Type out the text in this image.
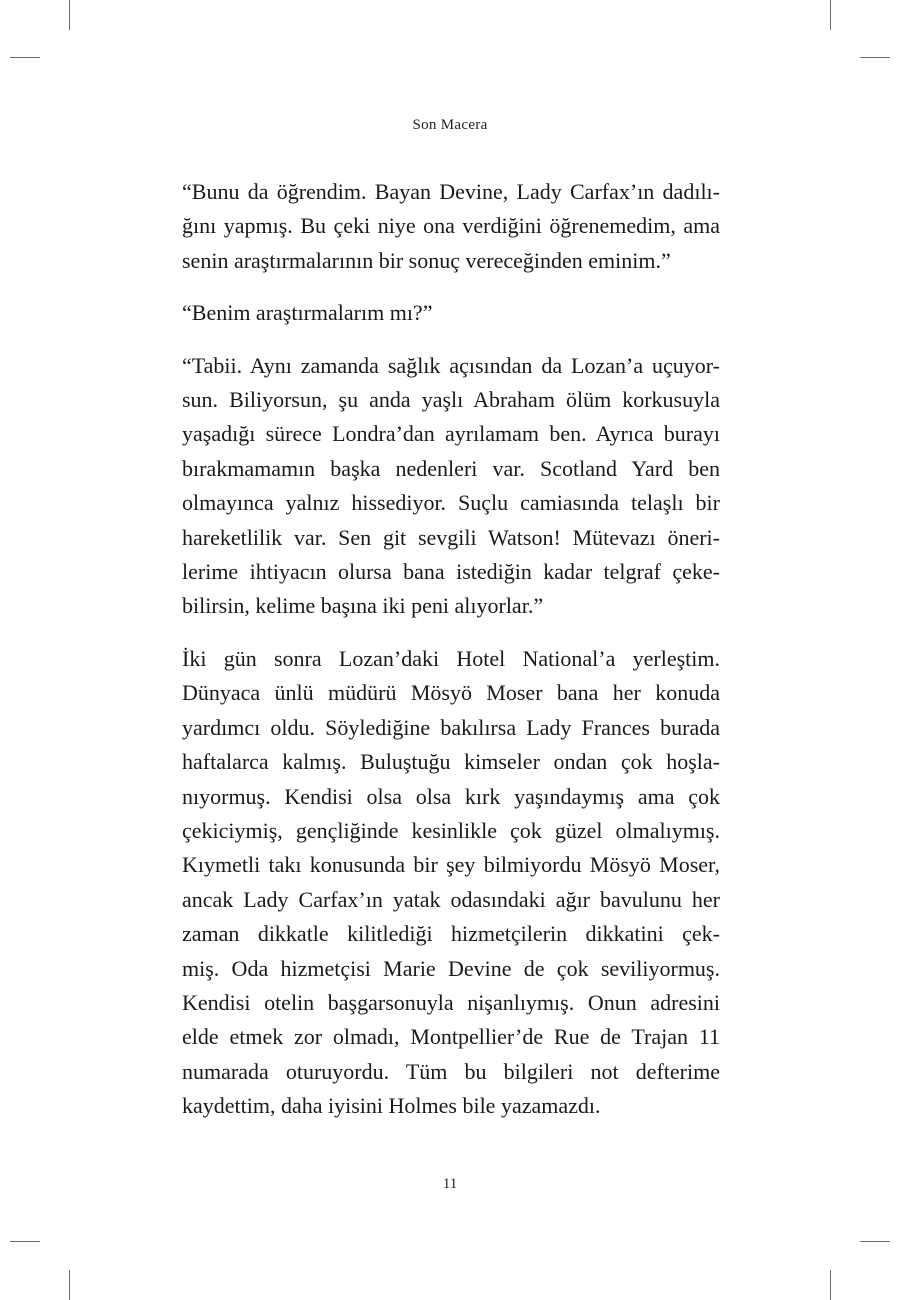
Son Macera

“Bunu da öğrendim. Bayan Devine, Lady Carfax’ın dadılı-
ğını yapmış. Bu çeki niye ona verdiğini öğrenemedim, ama
senin araştırmalarının bir sonuç vereceğinden eminim.”

“Benim araştırmalarım mı?”

“Tabii. Aynı zamanda sağlık açısından da Lozan’a uçuyor-
sun. Biliyorsun, şu anda yaşlı Abraham ölüm korkusuyla
yaşadığı sürece Londra’dan ayrılamam ben. Ayrıca burayı
bırakmamamın başka nedenleri var. Scotland Yard ben
olmayınca yalnız hissediyor. Suçlu camiasında telaşlı bir
hareketlilik var. Sen git sevgili Watson! Mütevazı öneri-
lerime ihtiyacın olursa bana istediğin kadar telgraf çeke-
bilirsin, kelime başına iki peni alıyorlar.”

İki gün sonra Lozan’daki Hotel National’a yerleştim.
Dünyaca ünlü müdürü Mösyö Moser bana her konuda
yardımcı oldu. Söylediğine bakılırsa Lady Frances burada
haftalarca kalmış. Buluştuğu kimseler ondan çok hoşla-
nıyormuş. Kendisi olsa olsa kırk yaşındaymış ama çok
çekiciymiş, gençliğinde kesinlikle çok güzel olmalıymış.
Kıymetli takı konusunda bir şey bilmiyordu Mösyö Moser,
ancak Lady Carfax’ın yatak odasındaki ağır bavulunu her
zaman dikkatle kilitlediği hizmetçilerin dikkatini çek-
miş. Oda hizmetçisi Marie Devine de çok seviliyormuş.
Kendisi otelin başgarsonuyla nişanlıymış. Onun adresini
elde etmek zor olmadı, Montpellier’de Rue de Trajan 11
numarada oturuyordu. Tüm bu bilgileri not defterime
kaydettim, daha iyisini Holmes bile yazamazdı.

11
